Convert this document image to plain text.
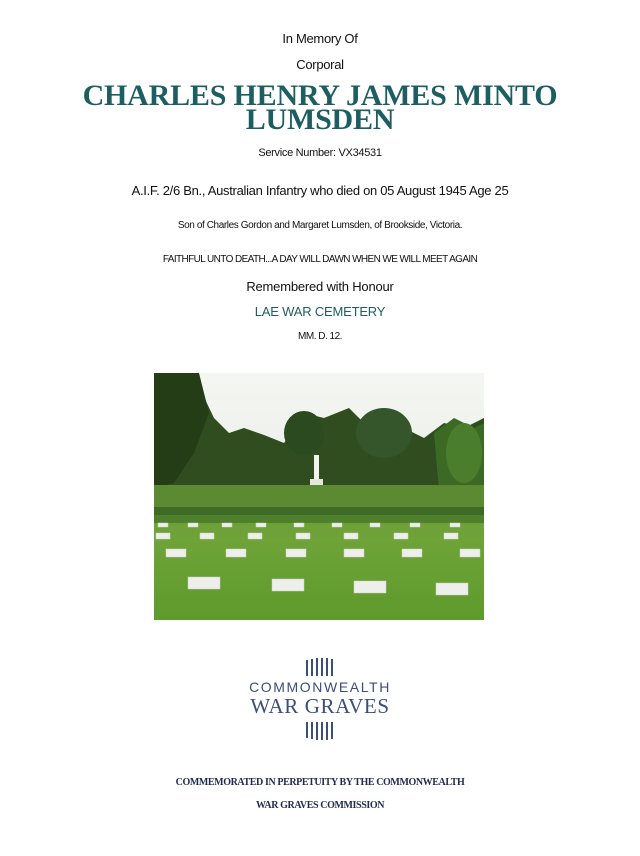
In Memory Of
Corporal
CHARLES HENRY JAMES MINTO
LUMSDEN
Service Number: VX34531
A.I.F. 2/6 Bn., Australian Infantry who died on 05 August 1945 Age 25
Son of Charles Gordon and Margaret Lumsden, of Brookside, Victoria.
FAITHFUL UNTO DEATH...A DAY WILL DAWN WHEN WE WILL MEET AGAIN
Remembered with Honour
LAE WAR CEMETERY
MM. D. 12.
COMMONWEALTH
WAR GRAVES
COMMEMORATED IN PERPETUITY BY THE COMMONWEALTH
WAR GRAVES COMMISSION
